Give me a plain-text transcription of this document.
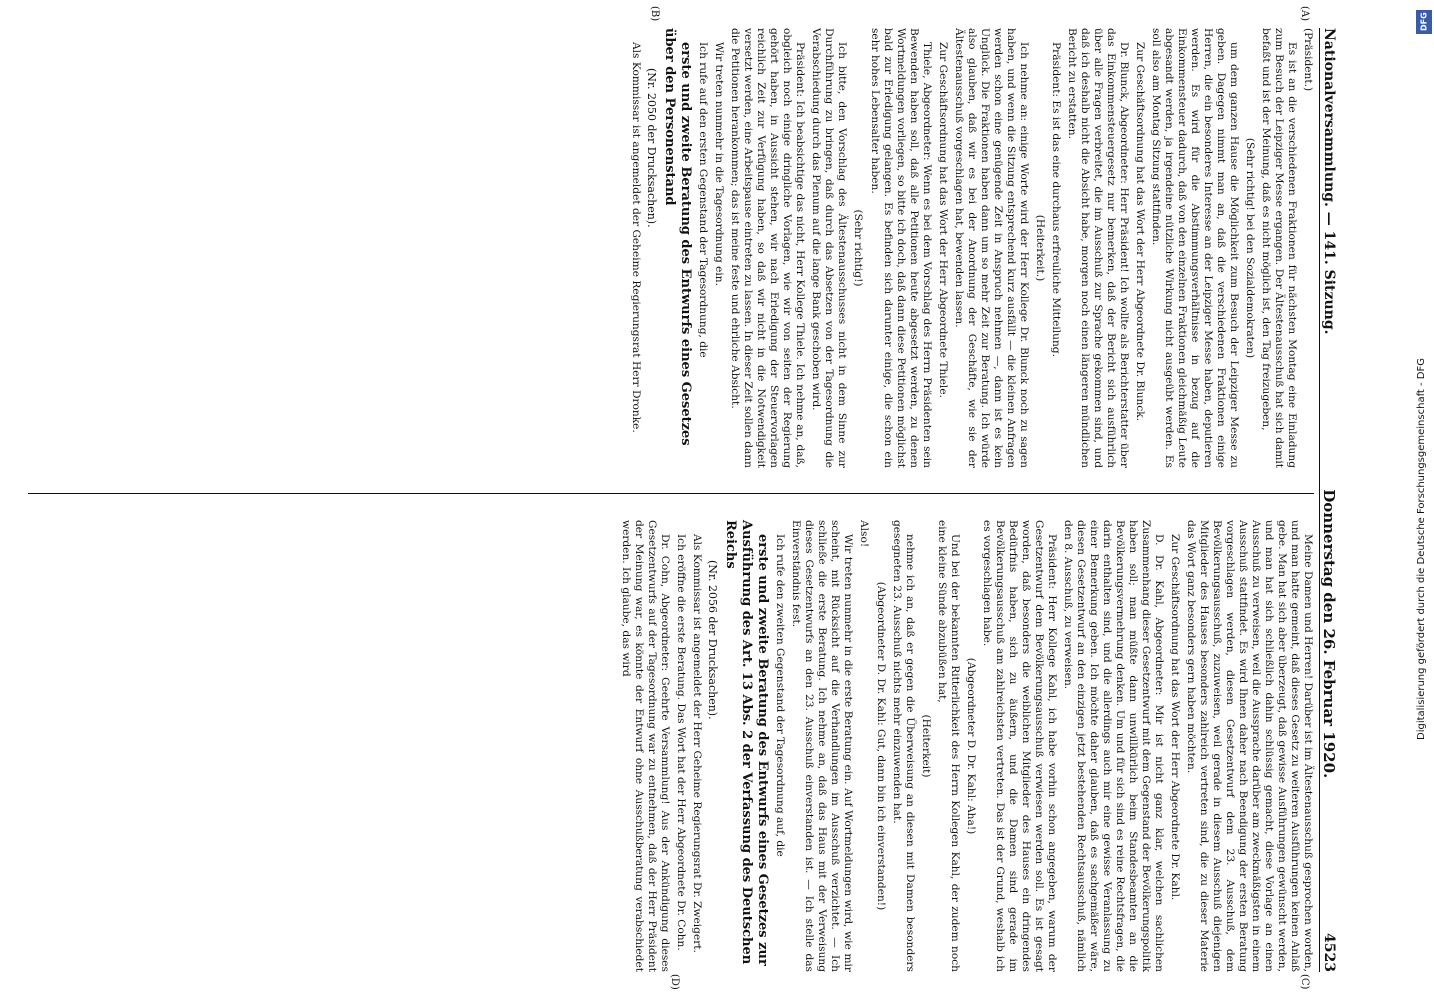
Nationalversammlung. — 141. Sitzung.
Donnerstag den 26. Februar 1920.
4523
(A)
(B)
(C)
(D)

(Präsident.)

Es ist an die verschiedenen Fraktionen für nächsten Montag eine Einladung zum Besuch der Leipziger Messe ergangen. Der Ältestenausschuß hat sich damit befaßt und ist der Meinung, daß es nicht möglich ist, den Tag freizugeben,

(Sehr richtig! bei den Sozialdemokraten)

um dem ganzen Hause die Möglichkeit zum Besuch der Leipziger Messe zu geben. Dagegen nimmt man an, daß die verschiedenen Fraktionen einige Herren, die ein besonderes Interesse an der Leipziger Messe haben, deputieren werden. Es wird für die Abstimmungsverhältnisse in bezug auf die Einkommensteuer dadurch, daß von den einzelnen Fraktionen gleichmäßig Leute abgesandt werden, ja irgendeine nützliche Wirkung nicht ausgeübt werden. Es soll also am Montag Sitzung stattfinden.

Zur Geschäftsordnung hat das Wort der Herr Abgeordnete Dr. Blunck.

Dr. Blunck, Abgeordneter: Herr Präsident! Ich wollte als Berichterstatter über das Einkommensteuergesetz nur bemerken, daß der Bericht sich ausführlich über alle Fragen verbreitet, die im Ausschuß zur Sprache gekommen sind, und daß ich deshalb nicht die Absicht habe, morgen noch einen längeren mündlichen Bericht zu erstatten.

Präsident: Es ist das eine durchaus erfreuliche Mitteilung.

(Heiterkeit.)

Ich nehme an: einige Worte wird der Herr Kollege Dr. Blunck noch zu sagen haben, und wenn die Sitzung entsprechend kurz ausfällt — die kleinen Anfragen werden schon eine genügende Zeit in Anspruch nehmen —, dann ist es kein Unglück. Die Fraktionen haben dann um so mehr Zeit zur Beratung. Ich würde also glauben, daß wir es bei der Anordnung der Geschäfte, wie sie der Ältestenausschuß vorgeschlagen hat, bewenden lassen.

Zur Geschäftsordnung hat das Wort der Herr Abgeordnete Thiele.

Thiele, Abgeordneter: Wenn es bei dem Vorschlag des Herrn Präsidenten sein Bewenden haben soll, daß alle Petitionen heute abgesetzt werden, zu denen Wortmeldungen vorliegen, so bitte ich doch, daß dann diese Petitionen möglichst bald zur Erledigung gelangen. Es befinden sich darunter einige, die schon ein sehr hohes Lebensalter haben.

(Sehr richtig!)

Ich bitte, den Vorschlag des Ältestenausschusses nicht in dem Sinne zur Durchführung zu bringen, daß durch das Absetzen von der Tagesordnung die Verabschiedung durch das Plenum auf die lange Bank geschoben wird.

Präsident: Ich beabsichtige das nicht, Herr Kollege Thiele. Ich nehme an, daß, obgleich noch einige dringliche Vorlagen, wie wir von seiten der Regierung gehört haben, in Aussicht stehen, wir nach Erledigung der Steuervorlagen reichlich Zeit zur Verfügung haben, so daß wir nicht in die Notwendigkeit versetzt werden, eine Arbeitspause eintreten zu lassen. In dieser Zeit sollen dann die Petitionen herankommen; das ist meine feste und ehrliche Absicht.

Wir treten nunmehr in die Tagesordnung ein.

Ich rufe auf den ersten Gegenstand der Tagesordnung, die

erste und zweite Beratung des Entwurfs eines Gesetzes über den Personenstand

(Nr. 2050 der Drucksachen).

Als Kommissar ist angemeldet der Geheime Regierungsrat Herr Dronke.

Meine Damen und Herren! Darüber ist im Ältestenausschuß gesprochen worden, und man hatte gemeint, daß dieses Gesetz zu weiteren Ausführungen keinen Anlaß gebe. Man hat sich aber überzeugt, daß gewisse Ausführungen gewünscht werden, und man hat sich schließlich dahin schlüssig gemacht, diese Vorlage an einen Ausschuß zu verweisen, weil die Aussprache darüber am zweckmäßigsten in einem Ausschuß stattfindet. Es wird Ihnen daher nach Beendigung der ersten Beratung vorgeschlagen werden, diesen Gesetzentwurf dem 23. Ausschuß, dem Bevölkerungsausschuß, zuzuweisen, weil gerade in diesem Ausschuß diejenigen Mitglieder des Hauses besonders zahlreich vertreten sind, die zu dieser Materie das Wort ganz besonders gern haben möchten.

Zur Geschäftsordnung hat das Wort der Herr Abgeordnete Dr. Kahl.

D. Dr. Kahl, Abgeordneter: Mir ist nicht ganz klar, welchen sachlichen Zusammenhang dieser Gesetzentwurf mit dem Gegenstand der Bevölkerungspolitik haben soll; man müßte dann unwillkürlich beim Standesbeamten an die Bevölkerungsvermehrung denken. Um und für sich sind es reine Rechtsfragen, die darin enthalten sind, und die allerdings auch mir eine gewisse Veranlassung zu einer Bemerkung geben. Ich möchte daher glauben, daß es sachgemäßer wäre, diesen Gesetzentwurf an den einzigen jetzt bestehenden Rechtsausschuß, nämlich den 8. Ausschuß, zu verweisen.

Präsident: Herr Kollege Kahl, ich habe vorhin schon angegeben, warum der Gesetzentwurf dem Bevölkerungsausschuß verwiesen werden soll. Es ist gesagt worden, daß besonders die weiblichen Mitglieder des Hauses ein dringendes Bedürfnis haben, sich zu äußern, und die Damen sind gerade im Bevölkerungsausschuß am zahlreichsten vertreten. Das ist der Grund, weshalb ich es vorgeschlagen habe.

(Abgeordneter D. Dr. Kahl: Aha!)

Und bei der bekannten Ritterlichkeit des Herrn Kollegen Kahl, der zudem noch eine kleine Sünde abzubüßen hat,

(Heiterkeit)

nehme ich an, daß er gegen die Überweisung an diesen mit Damen besonders gesegneten 23. Ausschuß nichts mehr einzuwenden hat.

(Abgeordneter D. Dr. Kahl: Gut, dann bin ich einverstanden!)

Also!

Wir treten nunmehr in die erste Beratung ein. Auf Wortmeldungen wird, wie mir scheint, mit Rücksicht auf die Verhandlungen im Ausschuß verzichtet. — Ich schließe die erste Beratung. Ich nehme an, daß das Haus mit der Verweisung dieses Gesetzentwurfs an den 23. Ausschuß einverstanden ist. — Ich stelle das Einverständnis fest.

Ich rufe den zweiten Gegenstand der Tagesordnung auf, die

erste und zweite Beratung des Entwurfs eines Gesetzes zur Ausführung des Art. 13 Abs. 2 der Verfassung des Deutschen Reichs

(Nr. 2056 der Drucksachen).

Als Kommissar ist angemeldet der Herr Geheime Regierungsrat Dr. Zweigert.

Ich eröffne die erste Beratung. Das Wort hat der Herr Abgeordnete Dr. Cohn.

Dr. Cohn, Abgeordneter: Geehrte Versammlung! Aus der Ankündigung dieses Gesetzentwurfs auf der Tagesordnung war zu entnehmen, daß der Herr Präsident der Meinung war, es könnte der Entwurf ohne Ausschußberatung verabschiedet werden. Ich glaube, das wird

DFG
Digitalisierung gefördert durch die Deutsche Forschungsgemeinschaft - DFG
